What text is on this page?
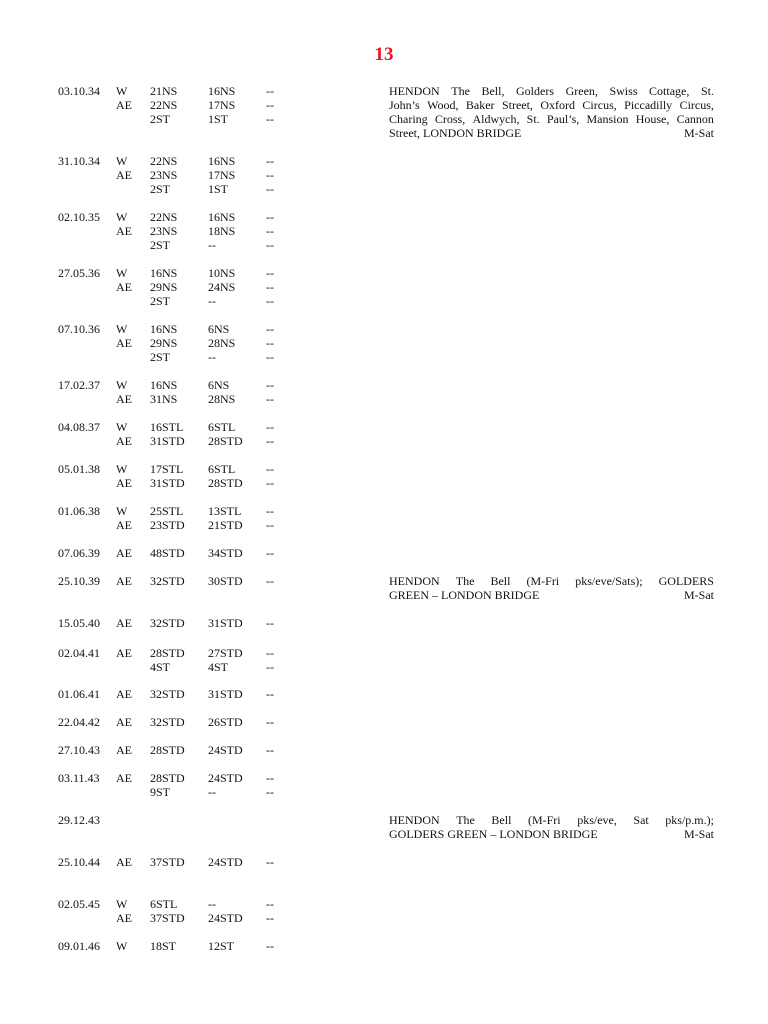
13
03.10.34 W 21NS	16NS	--
AE 22NS	17NS	--
2ST	1ST	--
HENDON The Bell, Golders Green, Swiss Cottage, St.
John’s Wood, Baker Street, Oxford Circus, Piccadilly Circus,
Charing Cross, Aldwych, St. Paul’s, Mansion House, Cannon
Street, LONDON BRIDGE	M-Sat
31.10.34 W 22NS	16NS	--
AE 23NS	17NS	--
2ST	1ST	--
02.10.35 W 22NS	16NS	--
AE 23NS	18NS	--
2ST	--	--
27.05.36 W 16NS	10NS	--
AE 29NS	24NS	--
2ST	--	--
07.10.36 W 16NS	6NS	--
AE 29NS	28NS	--
2ST	--	--
17.02.37 W 16NS	6NS	--
AE 31NS	28NS	--
04.08.37 W 16STL 6STL	--
AE 31STD 28STD --
05.01.38 W 17STL 6STL	--
AE 31STD 28STD --
01.06.38 W 25STL 13STL --
AE 23STD 21STD --
07.06.39 AE 48STD 34STD --
25.10.39 AE 32STD 30STD --	HENDON The Bell (M-Fri pks/eve/Sats); GOLDERS
GREEN – LONDON BRIDGE	M-Sat
15.05.40 AE 32STD 31STD --
02.04.41 AE 28STD 27STD --
4ST	4ST	--
01.06.41 AE 32STD 31STD --
22.04.42 AE 32STD 26STD --
27.10.43 AE 28STD 24STD --
03.11.43 AE 28STD 24STD --
9ST	--	--
29.12.43	HENDON The Bell (M-Fri pks/eve, Sat pks/p.m.);
GOLDERS GREEN – LONDON BRIDGE	M-Sat
25.10.44 AE 37STD 24STD --
02.05.45 W 6STL	--	--
AE 37STD 24STD --
09.01.46 W 18ST	12ST	--
